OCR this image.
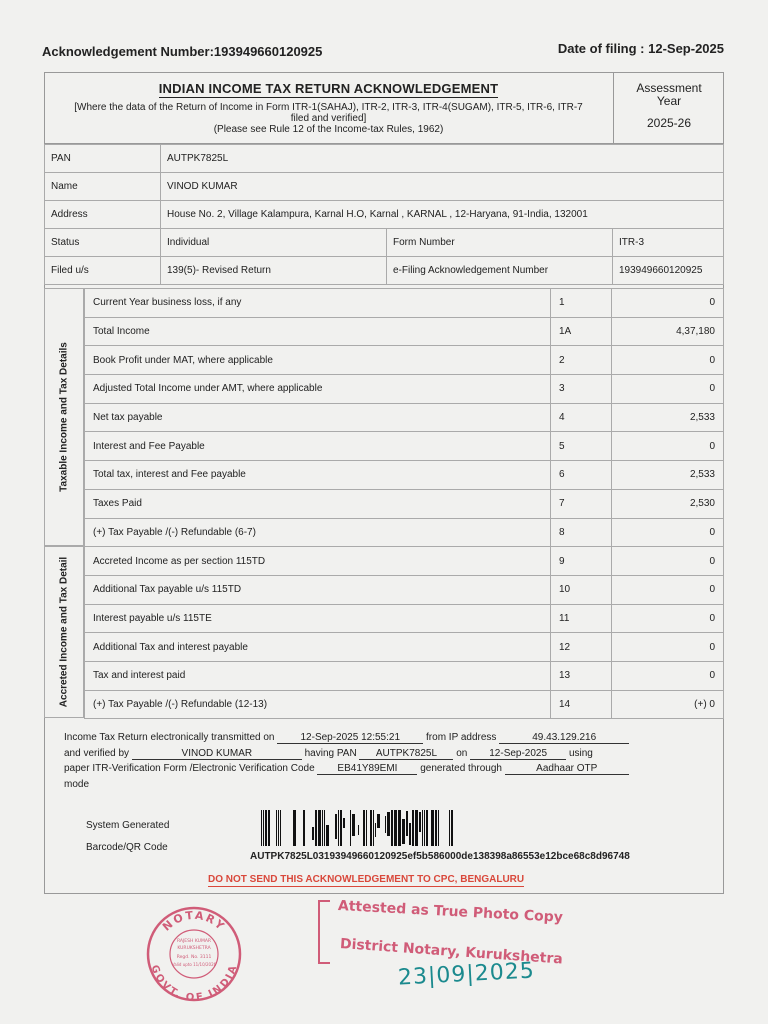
Acknowledgement Number:193949660120925	Date of filing : 12-Sep-2025
INDIAN INCOME TAX RETURN ACKNOWLEDGEMENT
[Where the data of the Return of Income in Form ITR-1(SAHAJ), ITR-2, ITR-3, ITR-4(SUGAM), ITR-5, ITR-6, ITR-7 filed and verified]
(Please see Rule 12 of the Income-tax Rules, 1962)
Assessment Year
2025-26
PAN	AUTPK7825L		
Name	VINOD KUMAR		
Address	House No. 2, Village Kalampura, Karnal H.O, Karnal , KARNAL , 12-Haryana, 91-India, 132001		
Status	Individual	Form Number	ITR-3
Filed u/s	139(5)- Revised Return	e-Filing Acknowledgement Number	193949660120925
Taxable Income and Tax Details
Accreted Income and Tax Detail
Current Year business loss, if any	1	0
Total Income	1A	4,37,180
Book Profit under MAT, where applicable	2	0
Adjusted Total Income under AMT, where applicable	3	0
Net tax payable	4	2,533
Interest and Fee Payable	5	0
Total tax, interest and Fee payable	6	2,533
Taxes Paid	7	2,530
(+) Tax Payable /(-) Refundable (6-7)	8	0
Accreted Income as per section 115TD	9	0
Additional Tax payable u/s 115TD	10	0
Interest payable u/s 115TE	11	0
Additional Tax and interest payable	12	0
Tax and interest paid	13	0
(+) Tax Payable /(-) Refundable (12-13)	14	(+) 0
Income Tax Return electronically transmitted on	12-Sep-2025 12:55:21	from IP address	49.43.129.216
and verified by	VINOD KUMAR	having PAN AUTPK7825L on 12-Sep-2025 using
paper ITR-Verification Form /Electronic Verification Code EB41Y89EMI generated through	Aadhaar OTP
mode
System Generated
Barcode/QR Code
AUTPK7825L03193949660120925ef5b586000de138398a86553e12bce68c8d96748
DO NOT SEND THIS ACKNOWLEDGEMENT TO CPC, BENGALURU
NOTARY
GOVT. OF INDIA
RAJESH KUMAR
KURUKSHETRA
Regd. No. 3111
Valid upto 11/10/2026
Attested as True Photo Copy
District Notary, Kurukshetra
23|09|2025
